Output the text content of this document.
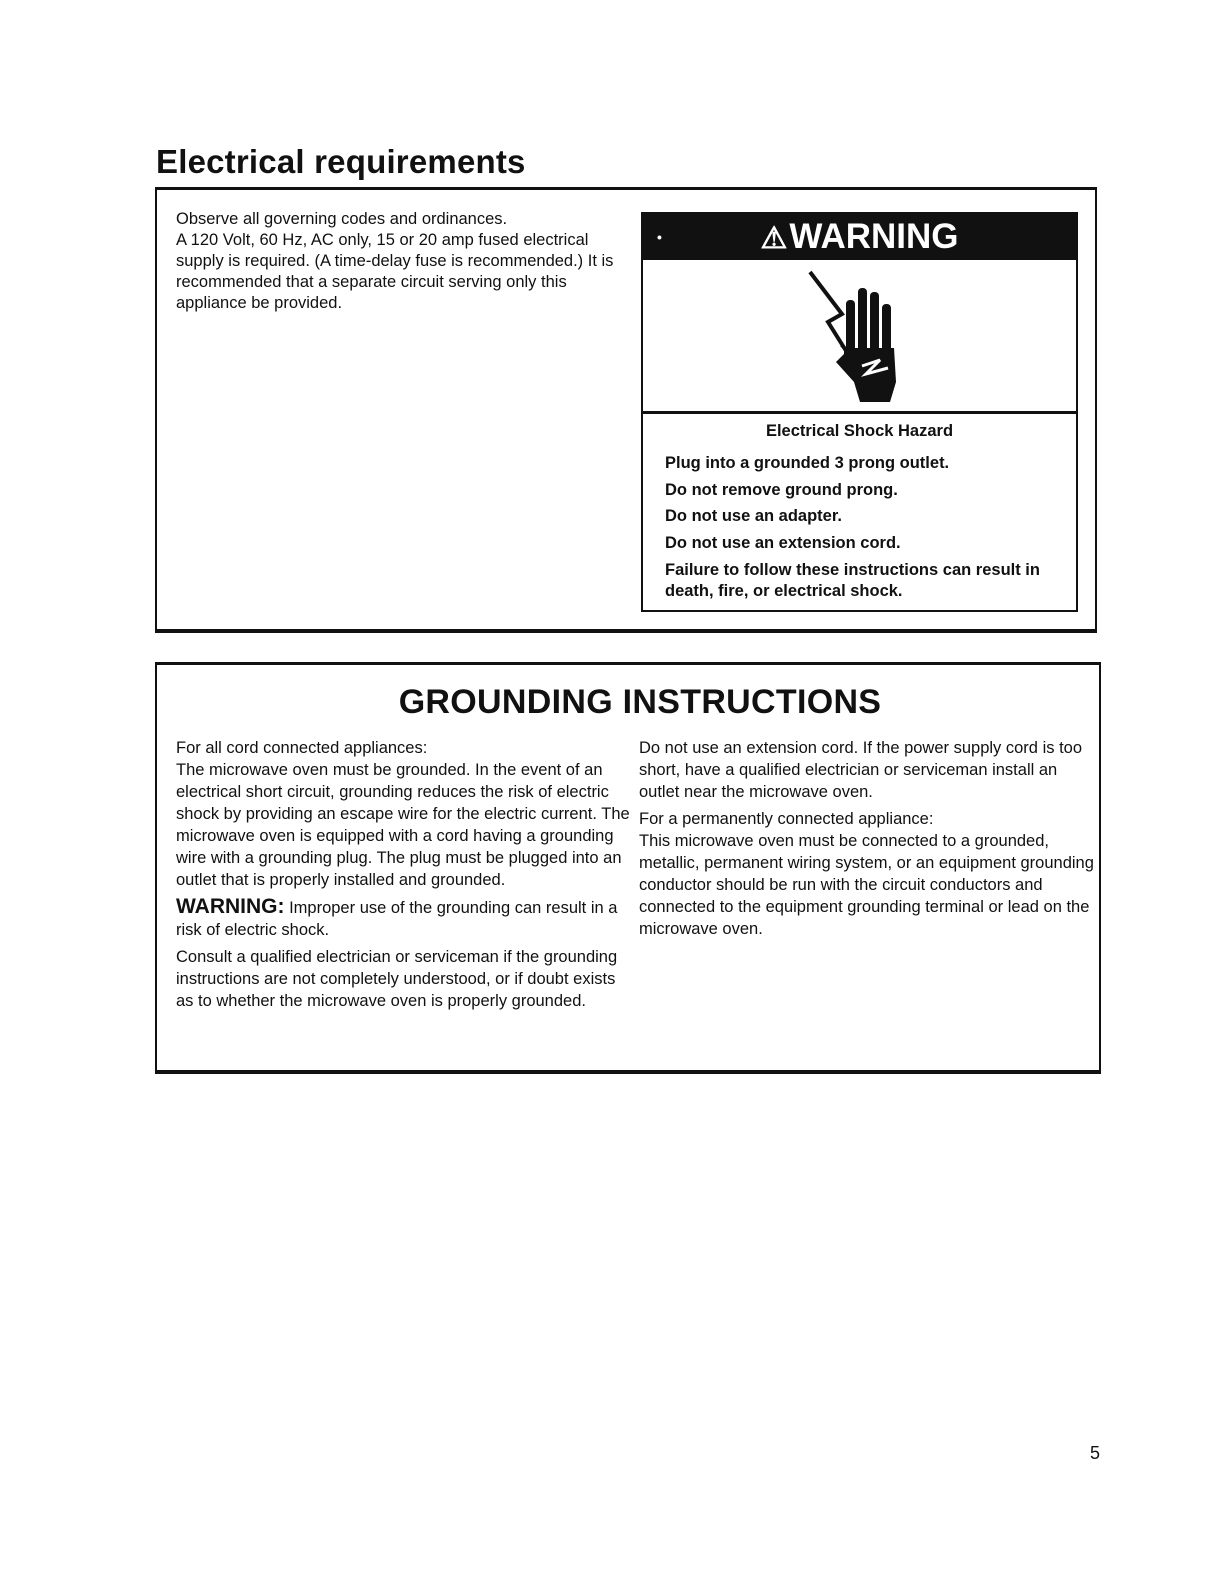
Electrical requirements

Observe all governing codes and ordinances.

A 120 Volt, 60 Hz, AC only, 15 or 20 amp fused electrical supply is required. (A time-delay fuse is recommended.) It is recommended that a separate circuit serving only this appliance be provided.

•	⚠WARNING
Electrical Shock Hazard
Plug into a grounded 3 prong outlet.
Do not remove ground prong.
Do not use an adapter.
Do not use an extension cord.
Failure to follow these instructions can result in death, fire, or electrical shock.
GROUNDING INSTRUCTIONS

For all cord connected appliances:

The microwave oven must be grounded. In the event of an electrical short circuit, grounding reduces the risk of electric shock by providing an escape wire for the electric current. The microwave oven is equipped with a cord having a grounding wire with a grounding plug. The plug must be plugged into an outlet that is properly installed and grounded.

WARNING: Improper use of the grounding can result in a risk of electric shock.

Consult a qualified electrician or serviceman if the grounding instructions are not completely understood, or if doubt exists as to whether the microwave oven is properly grounded.

Do not use an extension cord. If the power supply cord is too short, have a qualified electrician or serviceman install an outlet near the microwave oven.

For a permanently connected appliance:

This microwave oven must be connected to a grounded, metallic, permanent wiring system, or an equipment grounding conductor should be run with the circuit conductors and connected to the equipment grounding terminal or lead on the microwave oven.

5
